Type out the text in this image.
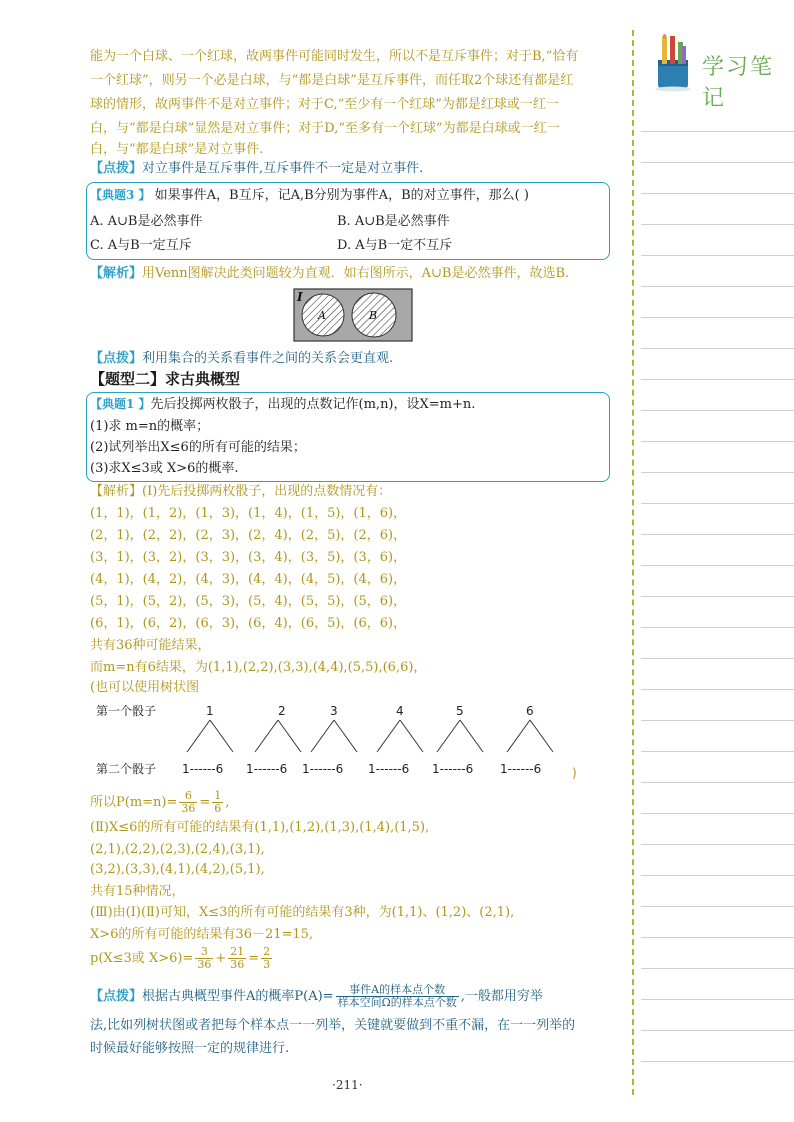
学习笔记
能为一个白球、一个红球，故两事件可能同时发生，所以不是互斥事件；对于B,“恰有
一个红球”，则另一个必是白球，与“都是白球”是互斥事件，而任取2个球还有都是红
球的情形，故两事件不是对立事件；对于C,“至少有一个红球”为都是红球或一红一
白，与“都是白球”显然是对立事件；对于D,“至多有一个红球”为都是白球或一红一
白，与“都是白球”是对立事件.
【点拨】对立事件是互斥事件,互斥事件不一定是对立事件.
【典题3 】 如果事件A，B互斥，记A,B分别为事件A，B的对立事件，那么( )
A. A∪B是必然事件	B. A∪B是必然事件
C. A与B一定互斥	D. A与B一定不互斥
【解析】用Venn图解决此类问题较为直观．如右图所示，A∪B是必然事件，故选B.
I
A	B
【点拨】利用集合的关系看事件之间的关系会更直观.
【题型二】求古典概型
【典题1 】先后投掷两枚骰子，出现的点数记作(m,n)，设X=m+n.
(1)求 m=n的概率；
(2)试列举出X≤6的所有可能的结果；
(3)求X≤3或 X>6的概率.
【解析】(Ⅰ)先后投掷两枚骰子，出现的点数情况有：
(1，1)，(1，2)，(1，3)，(1，4)，(1，5)，(1，6)，
(2，1)，(2，2)，(2，3)，(2，4)，(2，5)，(2，6)，
(3，1)，(3，2)，(3，3)，(3，4)，(3，5)，(3，6)，
(4，1)，(4，2)，(4，3)，(4，4)，(4，5)，(4，6)，
(5，1)，(5，2)，(5，3)，(5，4)，(5，5)，(5，6)，
(6，1)，(6，2)，(6，3)，(6，4)，(6，5)，(6，6)，
共有36种可能结果，
而m=n有6结果，为(1,1),(2,2),(3,3),(4,4),(5,5),(6,6)，
(也可以使用树状图
第一个骰子	1	2	3	4	5	6
第二个骰子 1------6 1------6 1------6 1------6 1------6 1------6	)
所以$P(m=n)= \frac{6}{36} = \frac{1}{6}$ ,
(Ⅱ)X≤6的所有可能的结果有(1,1),(1,2),(1,3),(1,4),(1,5),
(2,1),(2,2),(2,3),(2,4),(3,1),
(3,2),(3,3),(4,1),(4,2),(5,1),
共有15种情况，
(Ⅲ)由(Ⅰ)(Ⅱ)可知，X≤3的所有可能的结果有3种，为(1,1)、(1,2)、(2,1),
X>6的所有可能的结果有36－21=15,
p(X≤3或 $X>6)= \frac{3}{36} + \frac{21}{36} = \frac{2}{3}$
【点拨】根据古典概型事件A的概率$P(A)= \frac{\text{事件A的样本点个数}}{\text{样本空间Ω的样本点个数}}$ ,一般都用穷举
法,比如列树状图或者把每个样本点一一列举，关键就要做到不重不漏，在一一列举的
时候最好能够按照一定的规律进行.
·211·
